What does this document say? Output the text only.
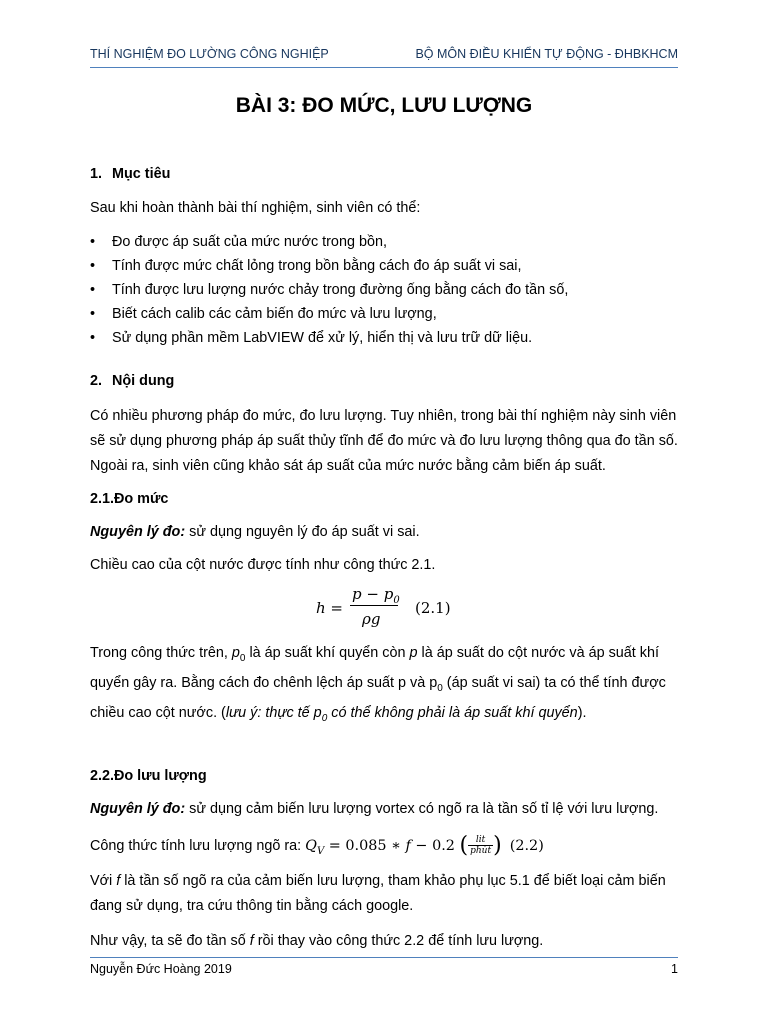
THÍ NGHIỆM ĐO LƯỜNG CÔNG NGHIỆP	BỘ MÔN ĐIỀU KHIỂN TỰ ĐỘNG - ĐHBKHCM
BÀI 3: ĐO MỨC, LƯU LƯỢNG
1. Mục tiêu

Sau khi hoàn thành bài thí nghiệm, sinh viên có thể:

• Đo được áp suất của mức nước trong bồn,
• Tính được mức chất lỏng trong bồn bằng cách đo áp suất vi sai,
• Tính được lưu lượng nước chảy trong đường ống bằng cách đo tần số,
• Biết cách calib các cảm biến đo mức và lưu lượng,
• Sử dụng phần mềm LabVIEW để xử lý, hiển thị và lưu trữ dữ liệu.
2. Nội dung

Có nhiều phương pháp đo mức, đo lưu lượng. Tuy nhiên, trong bài thí nghiệm này sinh viên sẽ sử dụng phương pháp áp suất thủy tĩnh để đo mức và đo lưu lượng thông qua đo tần số. Ngoài ra, sinh viên cũng khảo sát áp suất của mức nước bằng cảm biến áp suất.

2.1.Đo mức

Nguyên lý đo: sử dụng nguyên lý đo áp suất vi sai.

Chiều cao của cột nước được tính như công thức 2.1.

h =
$p - p_0$
ρg
(2.1)

Trong công thức trên, $p_0$ là áp suất khí quyển còn p là áp suất do cột nước và áp suất khí quyển gây ra. Bằng cách đo chênh lệch áp suất p và $p_0$ (áp suất vi sai) ta có thể tính được chiều cao cột nước. (lưu ý: thực tế $p_0$ có thể không phải là áp suất khí quyển).

2.2.Đo lưu lượng

Nguyên lý đo: sử dụng cảm biến lưu lượng vortex có ngõ ra là tần số tỉ lệ với lưu lượng.

Công thức tính lưu lượng ngõ ra: $Q_V = 0.085$ ∗ f − 0.2 ( lit
phút ) (2.2)

Với f là tần số ngõ ra của cảm biến lưu lượng, tham khảo phụ lục 5.1 để biết loại cảm biến đang sử dụng, tra cứu thông tin bằng cách google.

Như vậy, ta sẽ đo tần số f rồi thay vào công thức 2.2 để tính lưu lượng.

Nguyễn Đức Hoàng 2019	1
